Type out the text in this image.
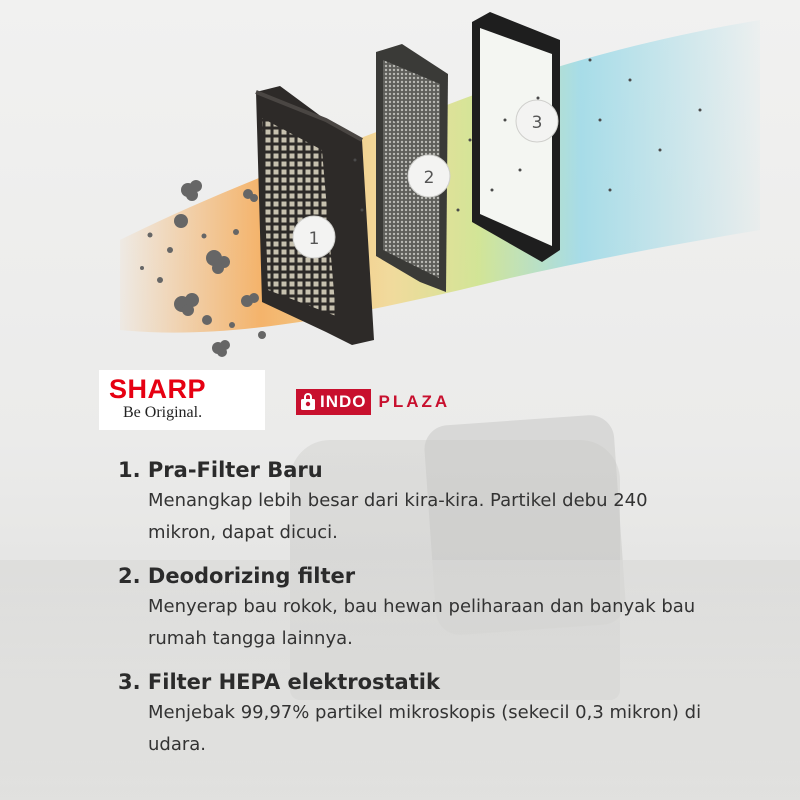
1
2
3
SHARP
Be Original.
INDO PLAZA
1. Pra-Filter Baru
Menangkap lebih besar dari kira-kira. Partikel debu 240 mikron, dapat dicuci.
2. Deodorizing filter
Menyerap bau rokok, bau hewan peliharaan dan banyak bau rumah tangga lainnya.
3. Filter HEPA elektrostatik
Menjebak 99,97% partikel mikroskopis (sekecil 0,3 mikron) di udara.
